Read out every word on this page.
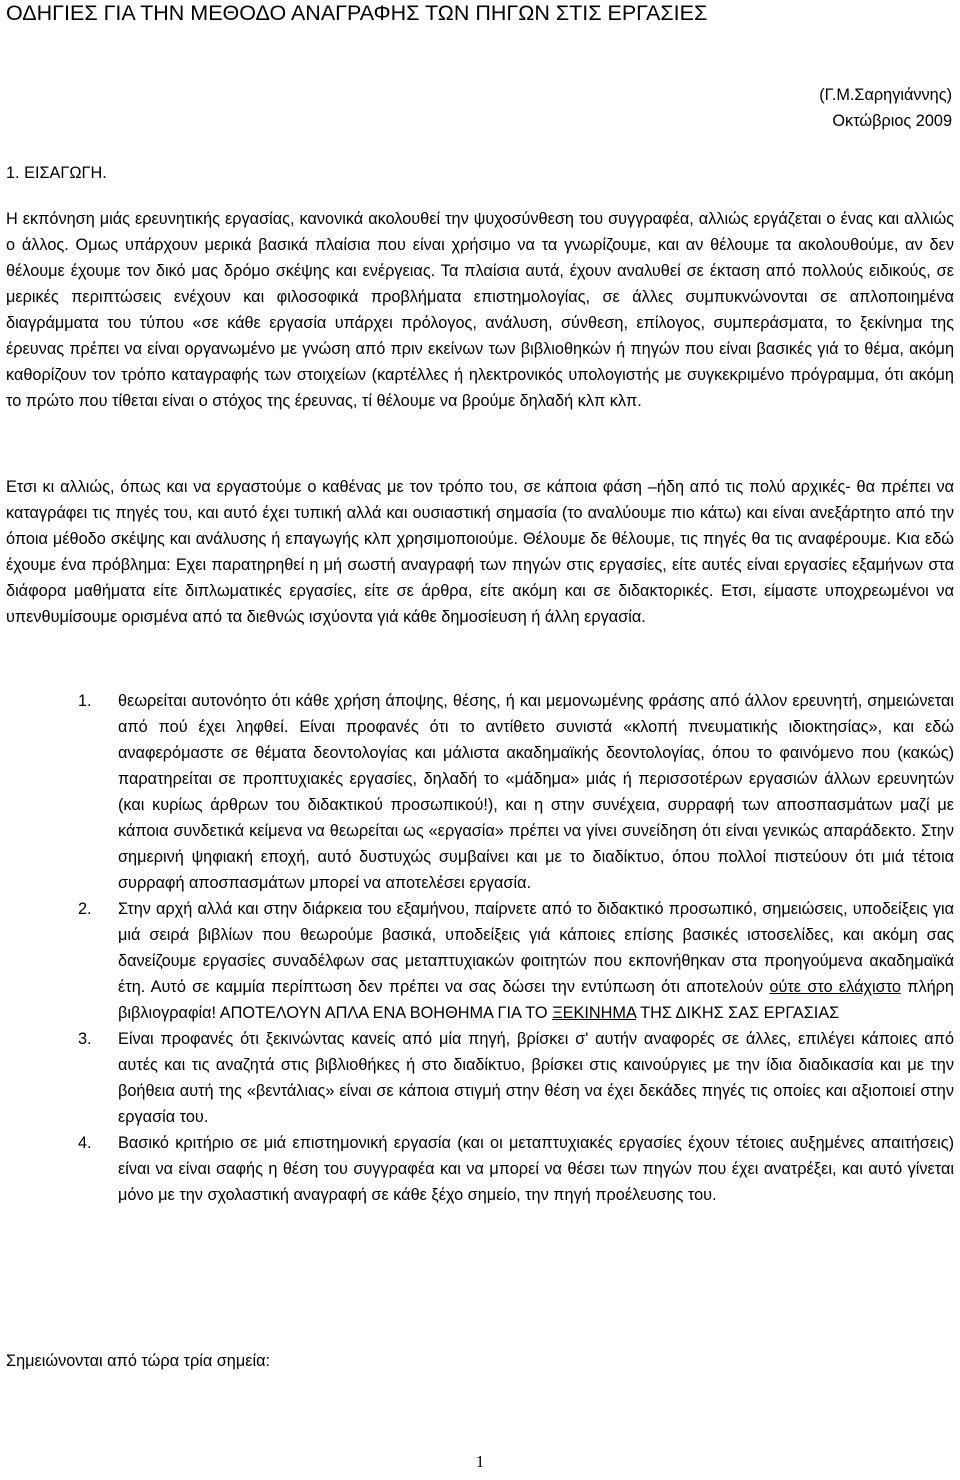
ΟΔΗΓΙΕΣ ΓΙΑ ΤΗΝ ΜΕΘΟΔΟ ΑΝΑΓΡΑΦΗΣ ΤΩΝ ΠΗΓΩΝ ΣΤΙΣ ΕΡΓΑΣΙΕΣ
(Γ.Μ.Σαρηγιάννης)
Οκτώβριος 2009
1. ΕΙΣΑΓΩΓΗ.

Η εκπόνηση μιάς ερευνητικής εργασίας, κανονικά ακολουθεί την ψυχοσύνθεση του συγγραφέα, αλλιώς εργάζεται ο ένας και αλλιώς ο άλλος. Ομως υπάρχουν μερικά βασικά πλαίσια που είναι χρήσιμο να τα γνωρίζουμε, και αν θέλουμε τα ακολουθούμε, αν δεν θέλουμε έχουμε τον δικό μας δρόμο σκέψης και ενέργειας. Τα πλαίσια αυτά, έχουν αναλυθεί σε έκταση από πολλούς ειδικούς, σε μερικές περιπτώσεις ενέχουν και φιλοσοφικά προβλήματα επιστημολογίας, σε άλλες συμπυκνώνονται σε απλοποιημένα διαγράμματα του τύπου «σε κάθε εργασία υπάρχει πρόλογος, ανάλυση, σύνθεση, επίλογος, συμπεράσματα, το ξεκίνημα της έρευνας πρέπει να είναι οργανωμένο με γνώση από πριν εκείνων των βιβλιοθηκών ή πηγών που είναι βασικές γιά το θέμα, ακόμη καθορίζουν τον τρόπο καταγραφής των στοιχείων (καρτέλλες ή ηλεκτρονικός υπολογιστής με συγκεκριμένο πρόγραμμα, ότι ακόμη το πρώτο που τίθεται είναι ο στόχος της έρευνας, τί θέλουμε να βρούμε δηλαδή κλπ κλπ.

Ετσι κι αλλιώς, όπως και να εργαστούμε ο καθένας με τον τρόπο του, σε κάποια φάση –ήδη από τις πολύ αρχικές- θα πρέπει να καταγράφει τις πηγές του, και αυτό έχει τυπική αλλά και ουσιαστική σημασία (το αναλύουμε πιο κάτω) και είναι ανεξάρτητο από την όποια μέθοδο σκέψης και ανάλυσης ή επαγωγής κλπ χρησιμοποιούμε. Θέλουμε δε θέλουμε, τις πηγές θα τις αναφέρουμε. Κια εδώ έχουμε ένα πρόβλημα: Εχει παρατηρηθεί η μή σωστή αναγραφή των πηγών στις εργασίες, είτε αυτές είναι εργασίες εξαμήνων στα διάφορα μαθήματα είτε διπλωματικές εργασίες, είτε σε άρθρα, είτε ακόμη και σε διδακτορικές. Ετσι, είμαστε υποχρεωμένοι να υπενθυμίσουμε ορισμένα από τα διεθνώς ισχύοντα γιά κάθε δημοσίευση ή άλλη εργασία.

1. θεωρείται αυτονόητο ότι κάθε χρήση άποψης, θέσης, ή και μεμονωμένης φράσης από άλλον ερευνητή, σημειώνεται από πού έχει ληφθεί. Είναι προφανές ότι το αντίθετο συνιστά «κλοπή πνευματικής ιδιοκτησίας», και εδώ αναφερόμαστε σε θέματα δεοντολογίας και μάλιστα ακαδημαϊκής δεοντολογίας, όπου το φαινόμενο που (κακώς) παρατηρείται σε προπτυχιακές εργασίες, δηλαδή το «μάδημα» μιάς ή περισσοτέρων εργασιών άλλων ερευνητών (και κυρίως άρθρων του διδακτικού προσωπικού!), και η στην συνέχεια, συρραφή των αποσπασμάτων μαζί με κάποια συνδετικά κείμενα να θεωρείται ως «εργασία» πρέπει να γίνει συνείδηση ότι είναι γενικώς απαράδεκτο. Στην σημερινή ψηφιακή εποχή, αυτό δυστυχώς συμβαίνει και με το διαδίκτυο, όπου πολλοί πιστεύουν ότι μιά τέτοια συρραφή αποσπασμάτων μπορεί να αποτελέσει εργασία.
2. Στην αρχή αλλά και στην διάρκεια του εξαμήνου, παίρνετε από το διδακτικό προσωπικό, σημειώσεις, υποδείξεις για μιά σειρά βιβλίων που θεωρούμε βασικά, υποδείξεις γιά κάποιες επίσης βασικές ιστοσελίδες, και ακόμη σας δανείζουμε εργασίες συναδέλφων σας μεταπτυχιακών φοιτητών που εκπονήθηκαν στα προηγούμενα ακαδημαϊκά έτη. Αυτό σε καμμία περίπτωση δεν πρέπει να σας δώσει την εντύπωση ότι αποτελούν ούτε στο ελάχιστο πλήρη βιβλιογραφία! ΑΠΟΤΕΛΟΥΝ ΑΠΛΑ ΕΝΑ ΒΟΗΘΗΜΑ ΓΙΑ ΤΟ ΞΕΚΙΝΗΜΑ ΤΗΣ ΔΙΚΗΣ ΣΑΣ ΕΡΓΑΣΙΑΣ
3. Είναι προφανές ότι ξεκινώντας κανείς από μία πηγή, βρίσκει σ' αυτήν αναφορές σε άλλες, επιλέγει κάποιες από αυτές και τις αναζητά στις βιβλιοθήκες ή στο διαδίκτυο, βρίσκει στις καινούργιες με την ίδια διαδικασία και με την βοήθεια αυτή της «βεντάλιας» είναι σε κάποια στιγμή στην θέση να έχει δεκάδες πηγές τις οποίες και αξιοποιεί στην εργασία του.
4. Βασικό κριτήριο σε μιά επιστημονική εργασία (και οι μεταπτυχιακές εργασίες έχουν τέτοιες αυξημένες απαιτήσεις) είναι να είναι σαφής η θέση του συγγραφέα και να μπορεί να θέσει των πηγών που έχει ανατρέξει, και αυτό γίνεται μόνο με την σχολαστική αναγραφή σε κάθε ξέχο σημείο, την πηγή προέλευσης του.

Σημειώνονται από τώρα τρία σημεία:

1
